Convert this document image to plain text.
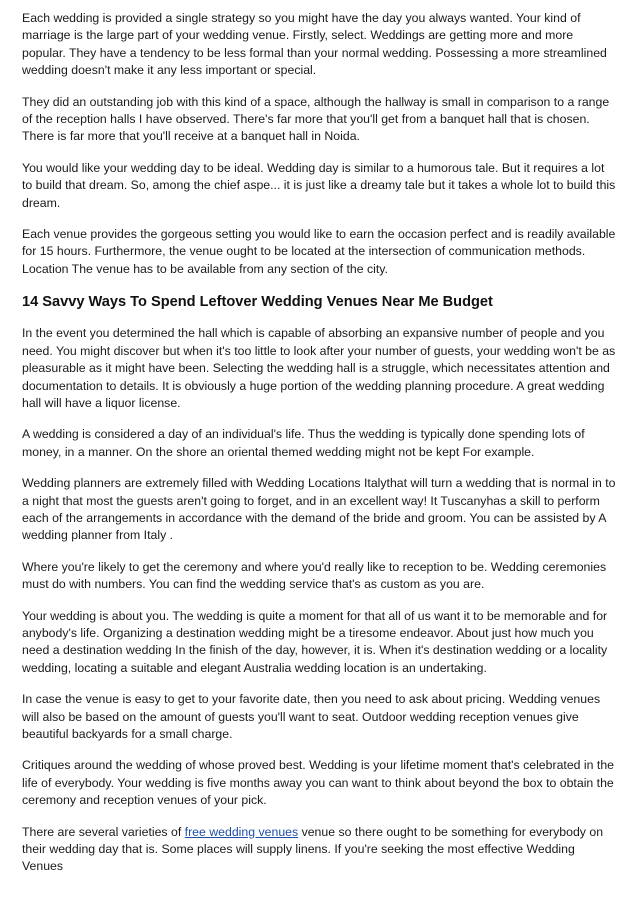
Each wedding is provided a single strategy so you might have the day you always wanted. Your kind of marriage is the large part of your wedding venue. Firstly, select. Weddings are getting more and more popular. They have a tendency to be less formal than your normal wedding. Possessing a more streamlined wedding doesn't make it any less important or special.

They did an outstanding job with this kind of a space, although the hallway is small in comparison to a range of the reception halls I have observed. There's far more that you'll get from a banquet hall that is chosen. There is far more that you'll receive at a banquet hall in Noida.

You would like your wedding day to be ideal. Wedding day is similar to a humorous tale. But it requires a lot to build that dream. So, among the chief aspe... it is just like a dreamy tale but it takes a whole lot to build this dream.

Each venue provides the gorgeous setting you would like to earn the occasion perfect and is readily available for 15 hours. Furthermore, the venue ought to be located at the intersection of communication methods. Location The venue has to be available from any section of the city.

14 Savvy Ways To Spend Leftover Wedding Venues Near Me Budget

In the event you determined the hall which is capable of absorbing an expansive number of people and you need. You might discover but when it's too little to look after your number of guests, your wedding won't be as pleasurable as it might have been. Selecting the wedding hall is a struggle, which necessitates attention and documentation to details. It is obviously a huge portion of the wedding planning procedure. A great wedding hall will have a liquor license.

A wedding is considered a day of an individual's life. Thus the wedding is typically done spending lots of money, in a manner. On the shore an oriental themed wedding might not be kept For example.

Wedding planners are extremely filled with Wedding Locations Italythat will turn a wedding that is normal in to a night that most the guests aren't going to forget, and in an excellent way! It Tuscanyhas a skill to perform each of the arrangements in accordance with the demand of the bride and groom. You can be assisted by A wedding planner from Italy .

Where you're likely to get the ceremony and where you'd really like to reception to be. Wedding ceremonies must do with numbers. You can find the wedding service that's as custom as you are.

Your wedding is about you. The wedding is quite a moment for that all of us want it to be memorable and for anybody's life. Organizing a destination wedding might be a tiresome endeavor. About just how much you need a destination wedding In the finish of the day, however, it is. When it's destination wedding or a locality wedding, locating a suitable and elegant Australia wedding location is an undertaking.

In case the venue is easy to get to your favorite date, then you need to ask about pricing. Wedding venues will also be based on the amount of guests you'll want to seat. Outdoor wedding reception venues give beautiful backyards for a small charge.

Critiques around the wedding of whose proved best. Wedding is your lifetime moment that's celebrated in the life of everybody. Your wedding is five months away you can want to think about beyond the box to obtain the ceremony and reception venues of your pick.

There are several varieties of free wedding venues venue so there ought to be something for everybody on their wedding day that is. Some places will supply linens. If you're seeking the most effective Wedding Venues
